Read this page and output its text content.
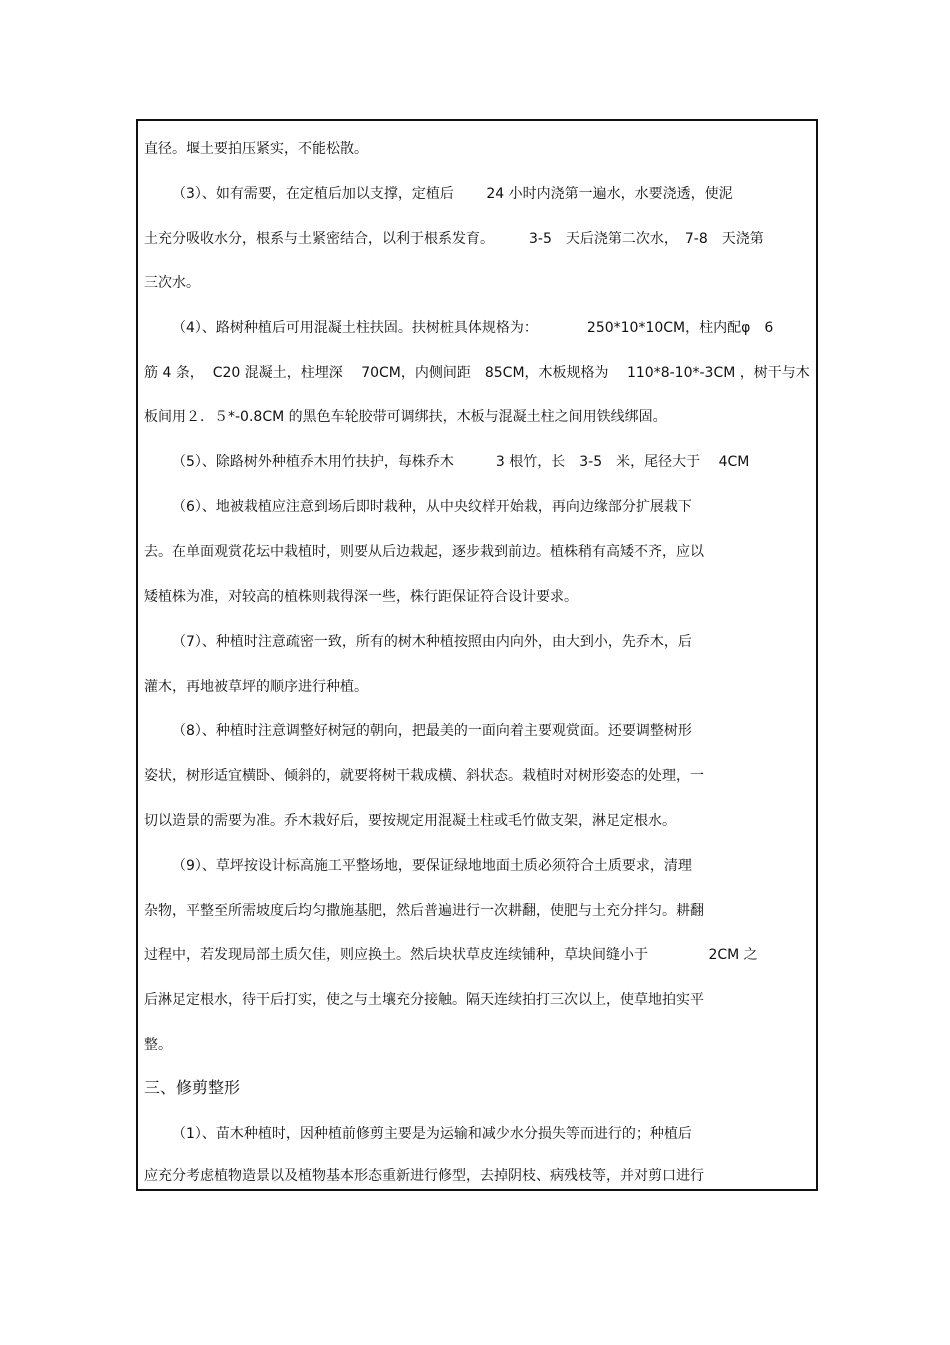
直径。堰土要拍压紧实，不能松散。
（3）、如有需要，在定植后加以支撑，定植后　　 24 小时内浇第一遍水，水要浇透，使泥
土充分吸收水分，根系与土紧密结合，以利于根系发育。　　　3-5　天后浇第二次水，　7-8　天浇第
三次水。
（4）、路树种植后可用混凝土柱扶固。扶树桩具体规格为：　　　　250*10*10CM，柱内配φ　6
筋 4 条，  C20 混凝土，柱埋深　 70CM，内侧间距　85CM，木板规格为　 110*8-10*-3CM ，树干与木
板间用２．５*-0.8CM 的黑色车轮胶带可调绑扶，木板与混凝土柱之间用铁线绑固。
（5）、除路树外种植乔木用竹扶护，每株乔木　　　3 根竹，长　3-5　米，尾径大于　 4CM
（6）、地被栽植应注意到场后即时栽种，从中央纹样开始栽，再向边缘部分扩展栽下
去。在单面观赏花坛中栽植时，则要从后边栽起，逐步栽到前边。植株稍有高矮不齐，应以
矮植株为准，对较高的植株则栽得深一些，株行距保证符合设计要求。
（7）、种植时注意疏密一致，所有的树木种植按照由内向外，由大到小，先乔木，后
灌木，再地被草坪的顺序进行种植。
（8）、种植时注意调整好树冠的朝向，把最美的一面向着主要观赏面。还要调整树形
姿状，树形适宜横卧、倾斜的，就要将树干栽成横、斜状态。栽植时对树形姿态的处理，一
切以造景的需要为准。乔木栽好后，要按规定用混凝土柱或毛竹做支架，淋足定根水。
（9）、草坪按设计标高施工平整场地，要保证绿地地面土质必须符合土质要求，清理
杂物，平整至所需坡度后均匀撒施基肥，然后普遍进行一次耕翻，使肥与土充分拌匀。耕翻
过程中，若发现局部土质欠佳，则应换土。然后块状草皮连续铺种，草块间缝小于　　　　 2CM 之
后淋足定根水，待干后打实，使之与土壤充分接触。隔天连续拍打三次以上，使草地拍实平
整。
三、修剪整形
（1）、苗木种植时，因种植前修剪主要是为运输和减少水分损失等而进行的；种植后
应充分考虑植物造景以及植物基本形态重新进行修型，去掉阴枝、病残枝等，并对剪口进行
